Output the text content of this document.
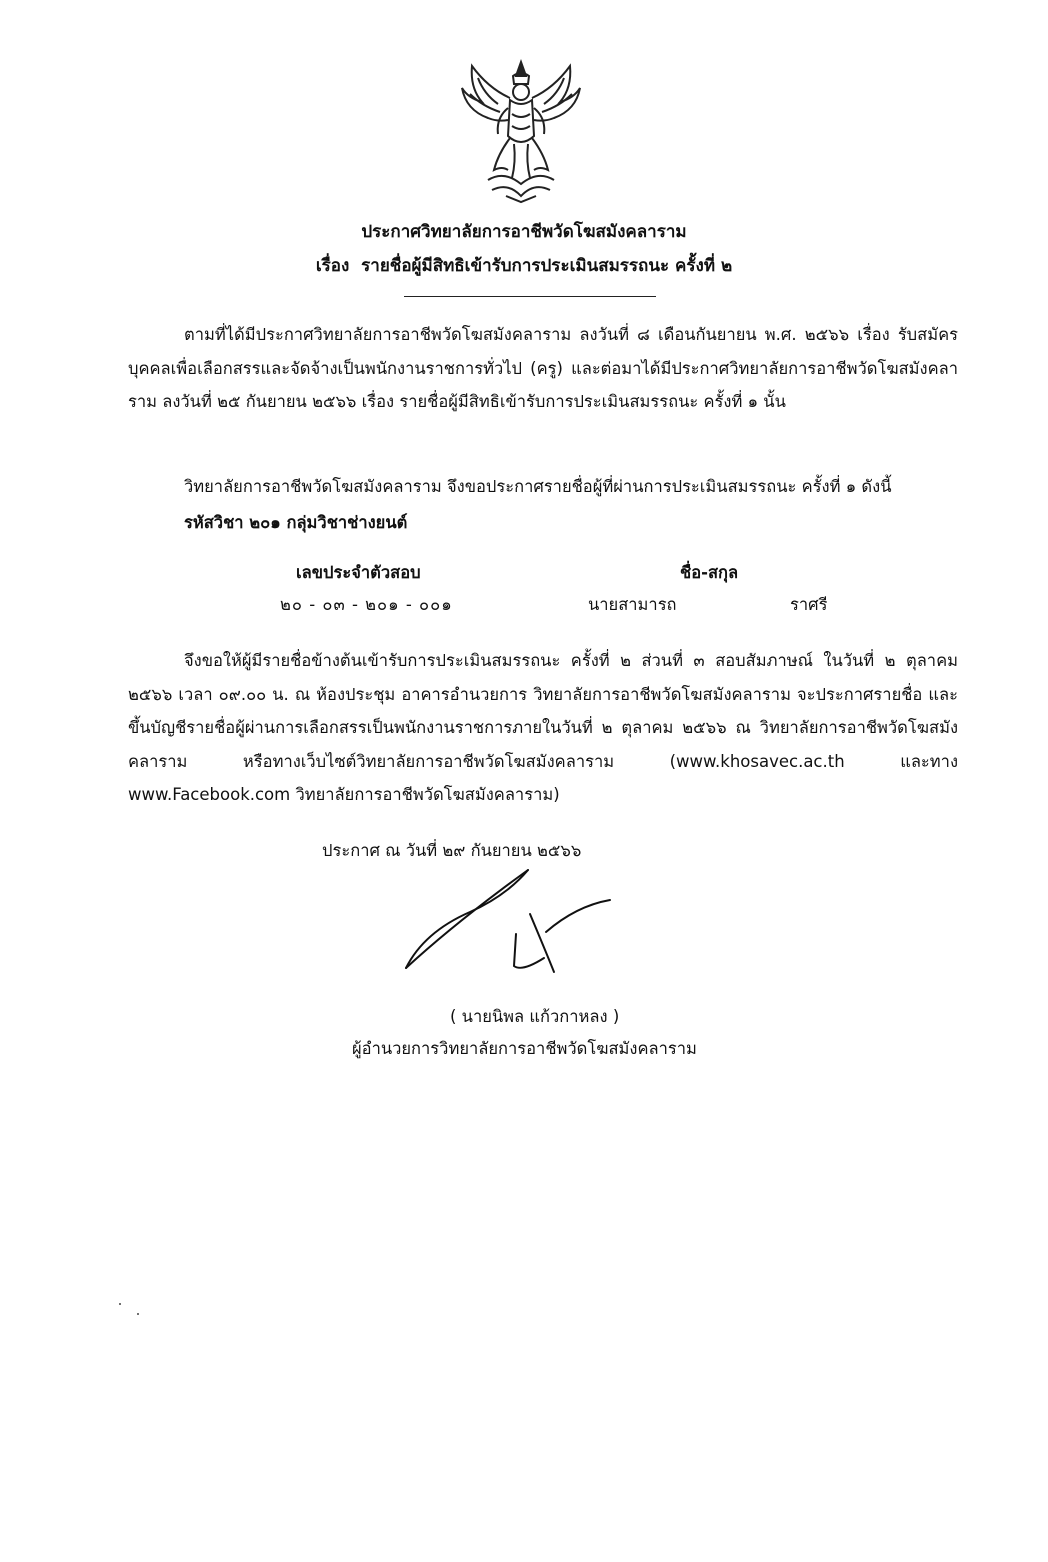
ประกาศวิทยาลัยการอาชีพวัดโฆสมังคลาราม
เรื่อง รายชื่อผู้มีสิทธิเข้ารับการประเมินสมรรถนะ ครั้งที่ ๒
ตามที่ได้มีประกาศวิทยาลัยการอาชีพวัดโฆสมังคลาราม ลงวันที่ ๘ เดือนกันยายน พ.ศ. ๒๕๖๖ เรื่อง รับสมัครบุคคลเพื่อเลือกสรรและจัดจ้างเป็นพนักงานราชการทั่วไป (ครู) และต่อมาได้มีประกาศวิทยาลัยการอาชีพวัดโฆสมังคลาราม ลงวันที่ ๒๕ กันยายน ๒๕๖๖ เรื่อง รายชื่อผู้มีสิทธิเข้ารับการประเมินสมรรถนะ ครั้งที่ ๑ นั้น
วิทยาลัยการอาชีพวัดโฆสมังคลาราม จึงขอประกาศรายชื่อผู้ที่ผ่านการประเมินสมรรถนะ ครั้งที่ ๑ ดังนี้
รหัสวิชา ๒๐๑ กลุ่มวิชาช่างยนต์
เลขประจำตัวสอบ	ชื่อ-สกุล
๒๐ - ๐๓ - ๒๐๑ - ๐๐๑	นายสามารถ	ราศรี
จึงขอให้ผู้มีรายชื่อข้างต้นเข้ารับการประเมินสมรรถนะ ครั้งที่ ๒ ส่วนที่ ๓ สอบสัมภาษณ์ ในวันที่ ๒ ตุลาคม ๒๕๖๖ เวลา ๐๙.๐๐ น. ณ ห้องประชุม อาคารอำนวยการ วิทยาลัยการอาชีพวัดโฆสมังคลาราม จะประกาศรายชื่อ และขึ้นบัญชีรายชื่อผู้ผ่านการเลือกสรรเป็นพนักงานราชการภายในวันที่ ๒ ตุลาคม ๒๕๖๖ ณ วิทยาลัยการอาชีพวัดโฆสมังคลาราม หรือทางเว็บไซต์วิทยาลัยการอาชีพวัดโฆสมังคลาราม (www.khosavec.ac.th และทาง www.Facebook.com วิทยาลัยการอาชีพวัดโฆสมังคลาราม)
ประกาศ ณ วันที่ ๒๙ กันยายน ๒๕๖๖
( นายนิพล แก้วกาหลง )
ผู้อำนวยการวิทยาลัยการอาชีพวัดโฆสมังคลาราม
